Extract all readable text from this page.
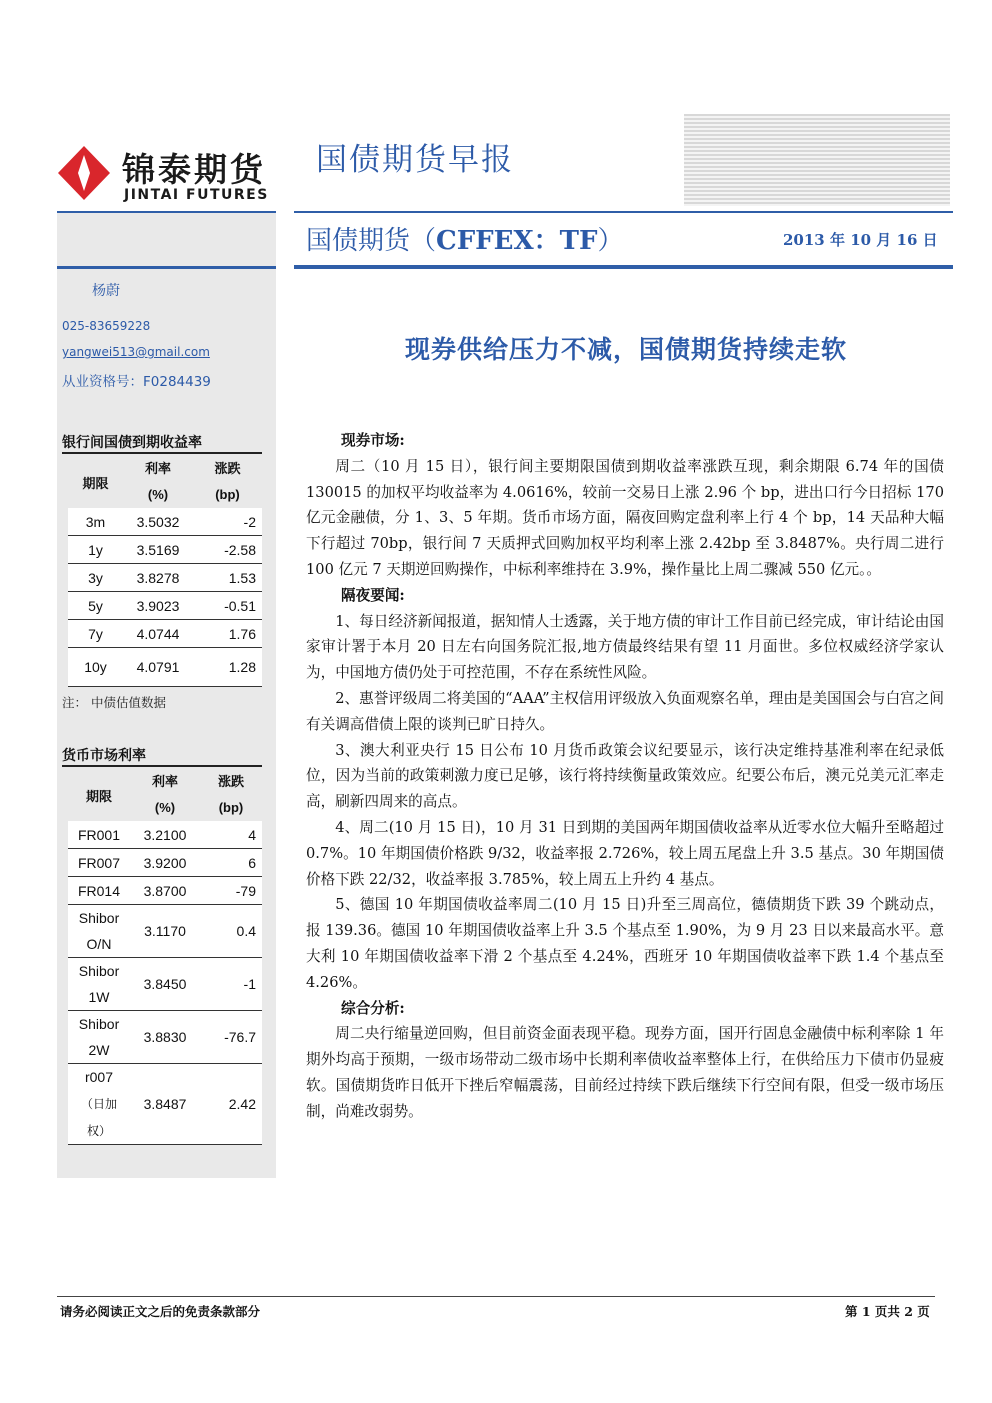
锦泰期货
JINTAI FUTURES
国债期货早报
杨蔚
025-83659228
yangwei513@gmail.com
从业资格号：F0284439
银行间国债到期收益率
期限	利率
(%)	涨跌
(bp)
3m	3.5032	-2
1y	3.5169	-2.58
3y	3.8278	1.53
5y	3.9023	-0.51
7y	4.0744	1.76
10y	4.0791	1.28
注： 中债估值数据
货币市场利率
期限	利率
(%)	涨跌
(bp)
FR001	3.2100	4
FR007	3.9200	6
FR014	3.8700	-79
Shibor
O/N	3.1170	0.4
Shibor
1W	3.8450	-1
Shibor
2W	3.8830	-76.7
r007
（日加权）	3.8487	2.42
国债期货（CFFEX：TF）	2013 年 10 月 16 日
现券供给压力不减，国债期货持续走软

现券市场:

周二（10 月 15 日），银行间主要期限国债到期收益率涨跌互现，剩余期限 6.74 年的国债 130015 的加权平均收益率为 4.0616%，较前一交易日上涨 2.96 个 bp，进出口行今日招标 170 亿元金融债，分 1、3、5 年期。货币市场方面，隔夜回购定盘利率上行 4 个 bp，14 天品种大幅下行超过 70bp，银行间 7 天质押式回购加权平均利率上涨 2.42bp 至 3.8487%。央行周二进行 100 亿元 7 天期逆回购操作，中标利率维持在 3.9%，操作量比上周二骤减 550 亿元。。

隔夜要闻:

1、每日经济新闻报道，据知情人士透露，关于地方债的审计工作目前已经完成，审计结论由国家审计署于本月 20 日左右向国务院汇报,地方债最终结果有望 11 月面世。多位权威经济学家认为，中国地方债仍处于可控范围，不存在系统性风险。

2、惠誉评级周二将美国的“AAA”主权信用评级放入负面观察名单，理由是美国国会与白宫之间有关调高借债上限的谈判已旷日持久。

3、澳大利亚央行 15 日公布 10 月货币政策会议纪要显示，该行决定维持基准利率在纪录低位，因为当前的政策刺激力度已足够，该行将持续衡量政策效应。纪要公布后，澳元兑美元汇率走高，刷新四周来的高点。

4、周二(10 月 15 日)，10 月 31 日到期的美国两年期国债收益率从近零水位大幅升至略超过 0.7%。10 年期国债价格跌 9/32，收益率报 2.726%，较上周五尾盘上升 3.5 基点。30 年期国债价格下跌 22/32，收益率报 3.785%，较上周五上升约 4 基点。

5、德国 10 年期国债收益率周二(10 月 15 日)升至三周高位，德债期货下跌 39 个跳动点，报 139.36。德国 10 年期国债收益率上升 3.5 个基点至 1.90%，为 9 月 23 日以来最高水平。意大利 10 年期国债收益率下滑 2 个基点至 4.24%，西班牙 10 年期国债收益率下跌 1.4 个基点至 4.26%。

综合分析:

周二央行缩量逆回购，但目前资金面表现平稳。现券方面，国开行固息金融债中标利率除 1 年期外均高于预期，一级市场带动二级市场中长期利率债收益率整体上行，在供给压力下债市仍显疲软。国债期货昨日低开下挫后窄幅震荡，目前经过持续下跌后继续下行空间有限，但受一级市场压制，尚难改弱势。

请务必阅读正文之后的免责条款部分	第 1 页共 2 页
